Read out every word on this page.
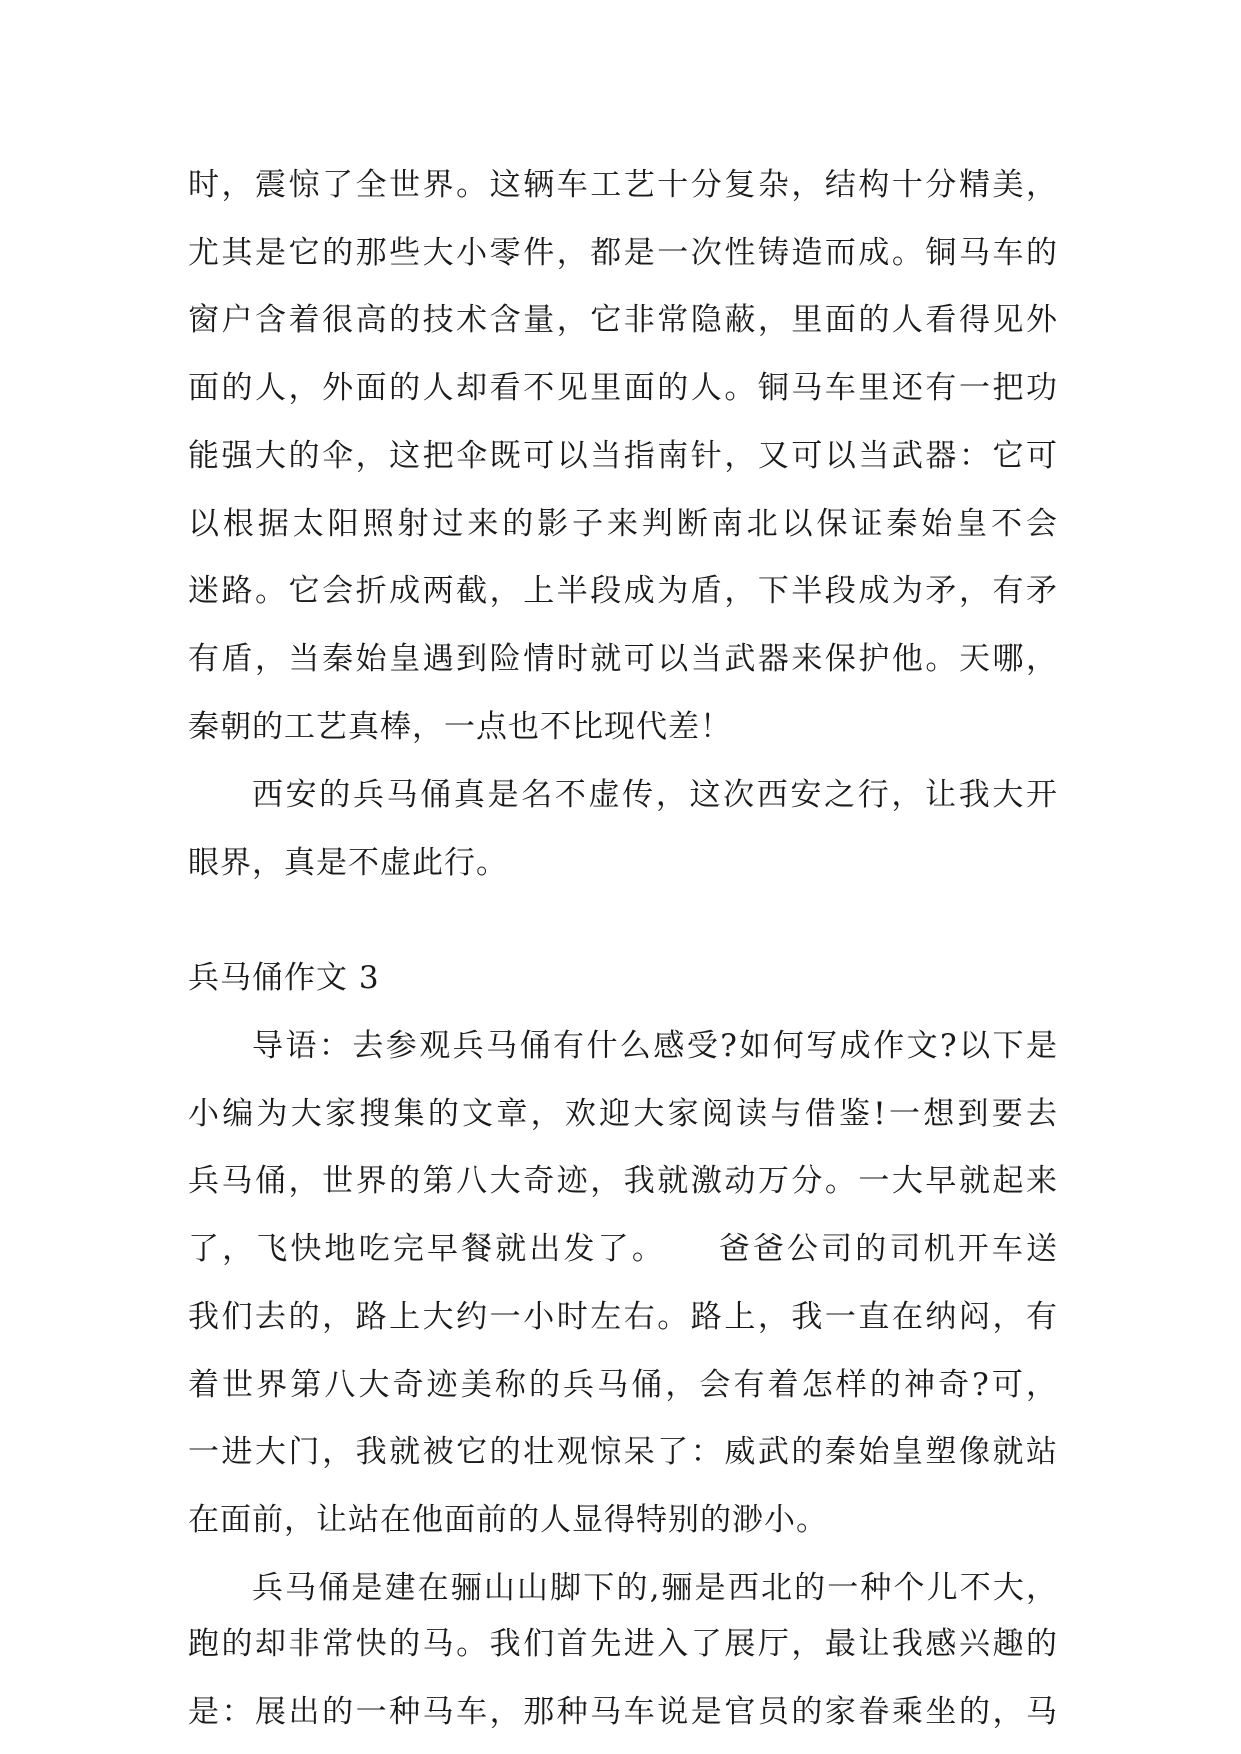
时，震惊了全世界。这辆车工艺十分复杂，结构十分精美，
尤其是它的那些大小零件，都是一次性铸造而成。铜马车的
窗户含着很高的技术含量，它非常隐蔽，里面的人看得见外
面的人，外面的人却看不见里面的人。铜马车里还有一把功
能强大的伞，这把伞既可以当指南针，又可以当武器：它可
以根据太阳照射过来的影子来判断南北以保证秦始皇不会
迷路。它会折成两截，上半段成为盾，下半段成为矛，有矛
有盾，当秦始皇遇到险情时就可以当武器来保护他。天哪，
秦朝的工艺真棒，一点也不比现代差！
西安的兵马俑真是名不虚传，这次西安之行，让我大开
眼界，真是不虚此行。
兵马俑作文 3
导语：去参观兵马俑有什么感受?如何写成作文?以下是
小编为大家搜集的文章，欢迎大家阅读与借鉴!一想到要去
兵马俑，世界的第八大奇迹，我就激动万分。一大早就起来
了，飞快地吃完早餐就出发了。　　爸爸公司的司机开车送
我们去的，路上大约一小时左右。路上，我一直在纳闷，有
着世界第八大奇迹美称的兵马俑，会有着怎样的神奇?可，
一进大门，我就被它的壮观惊呆了：威武的秦始皇塑像就站
在面前，让站在他面前的人显得特别的渺小。
兵马俑是建在骊山山脚下的,骊是西北的一种个儿不大，
跑的却非常快的马。我们首先进入了展厅，最让我感兴趣的
是：展出的一种马车，那种马车说是官员的家眷乘坐的，马
